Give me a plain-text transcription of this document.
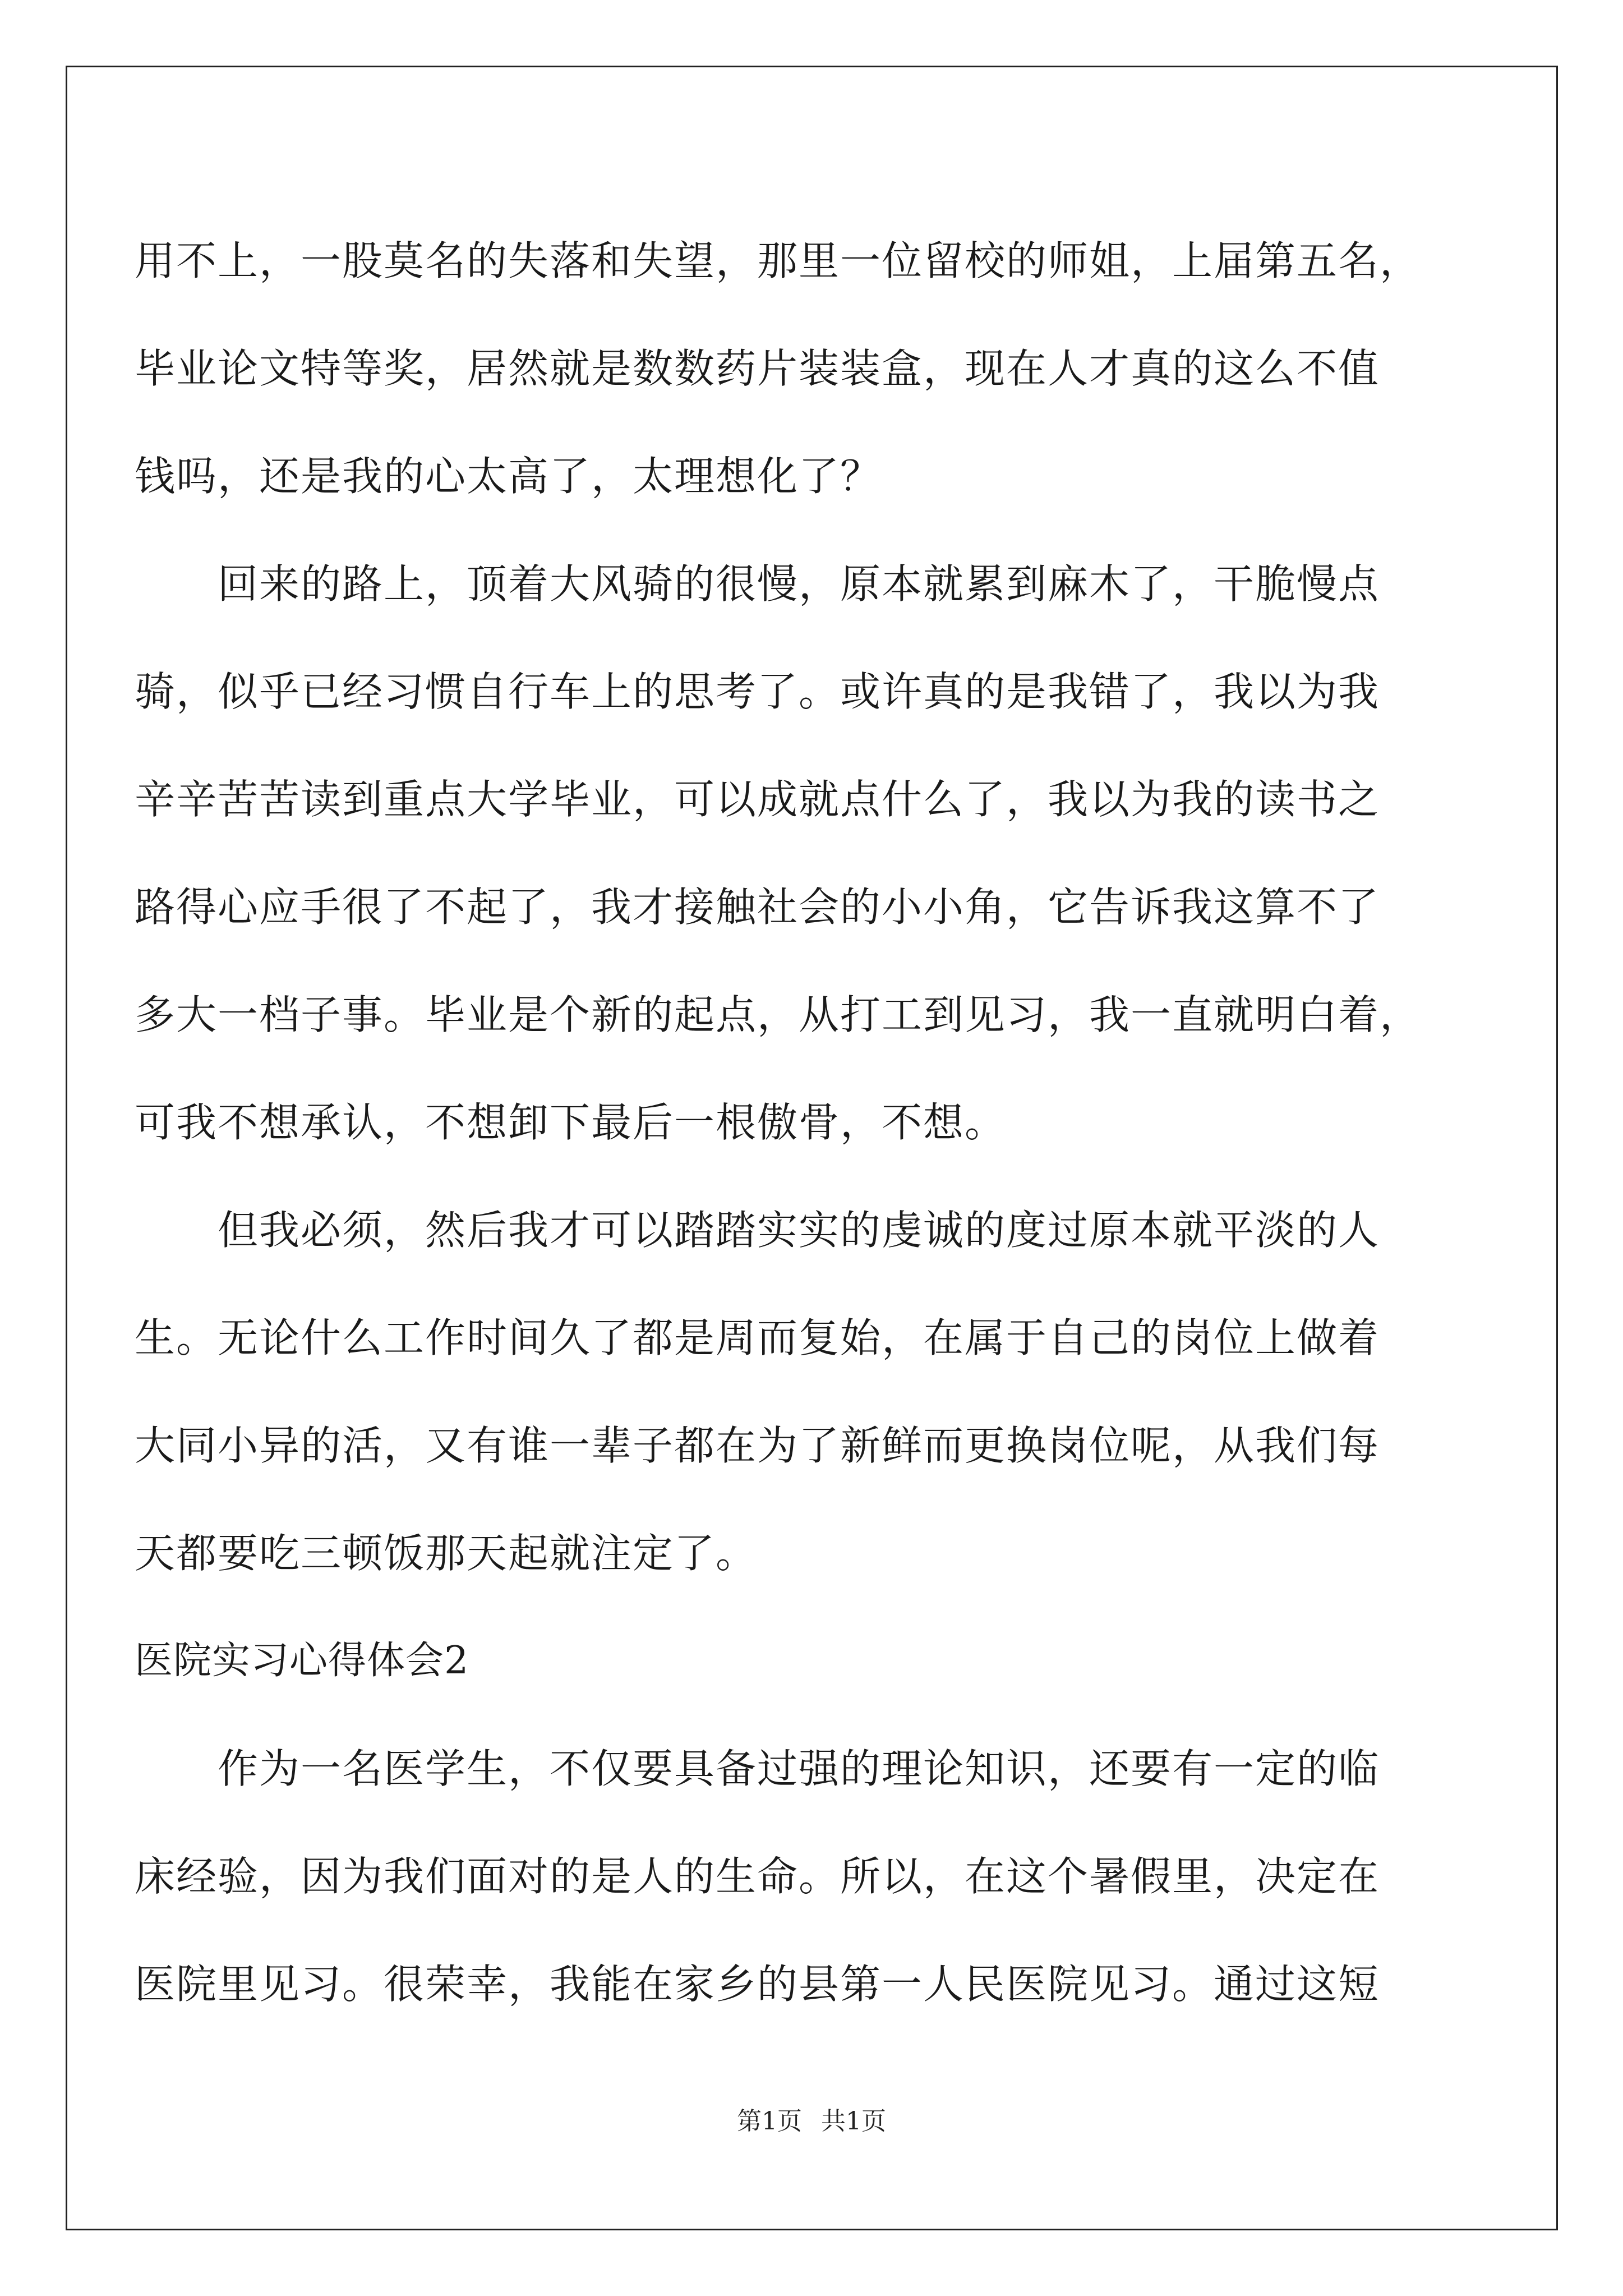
用不上，一股莫名的失落和失望，那里一位留校的师姐，上届第五名，
毕业论文特等奖，居然就是数数药片装装盒，现在人才真的这么不值
钱吗，还是我的心太高了，太理想化了？
回来的路上，顶着大风骑的很慢，原本就累到麻木了，干脆慢点
骑，似乎已经习惯自行车上的思考了。或许真的是我错了，我以为我
辛辛苦苦读到重点大学毕业，可以成就点什么了，我以为我的读书之
路得心应手很了不起了，我才接触社会的小小角，它告诉我这算不了
多大一档子事。毕业是个新的起点，从打工到见习，我一直就明白着，
可我不想承认，不想卸下最后一根傲骨，不想。
但我必须，然后我才可以踏踏实实的虔诚的度过原本就平淡的人
生。无论什么工作时间久了都是周而复始，在属于自己的岗位上做着
大同小异的活，又有谁一辈子都在为了新鲜而更换岗位呢，从我们每
天都要吃三顿饭那天起就注定了。
医院实习心得体会2
作为一名医学生，不仅要具备过强的理论知识，还要有一定的临
床经验，因为我们面对的是人的生命。所以，在这个暑假里，决定在
医院里见习。很荣幸，我能在家乡的县第一人民医院见习。通过这短
第1页 共1页
